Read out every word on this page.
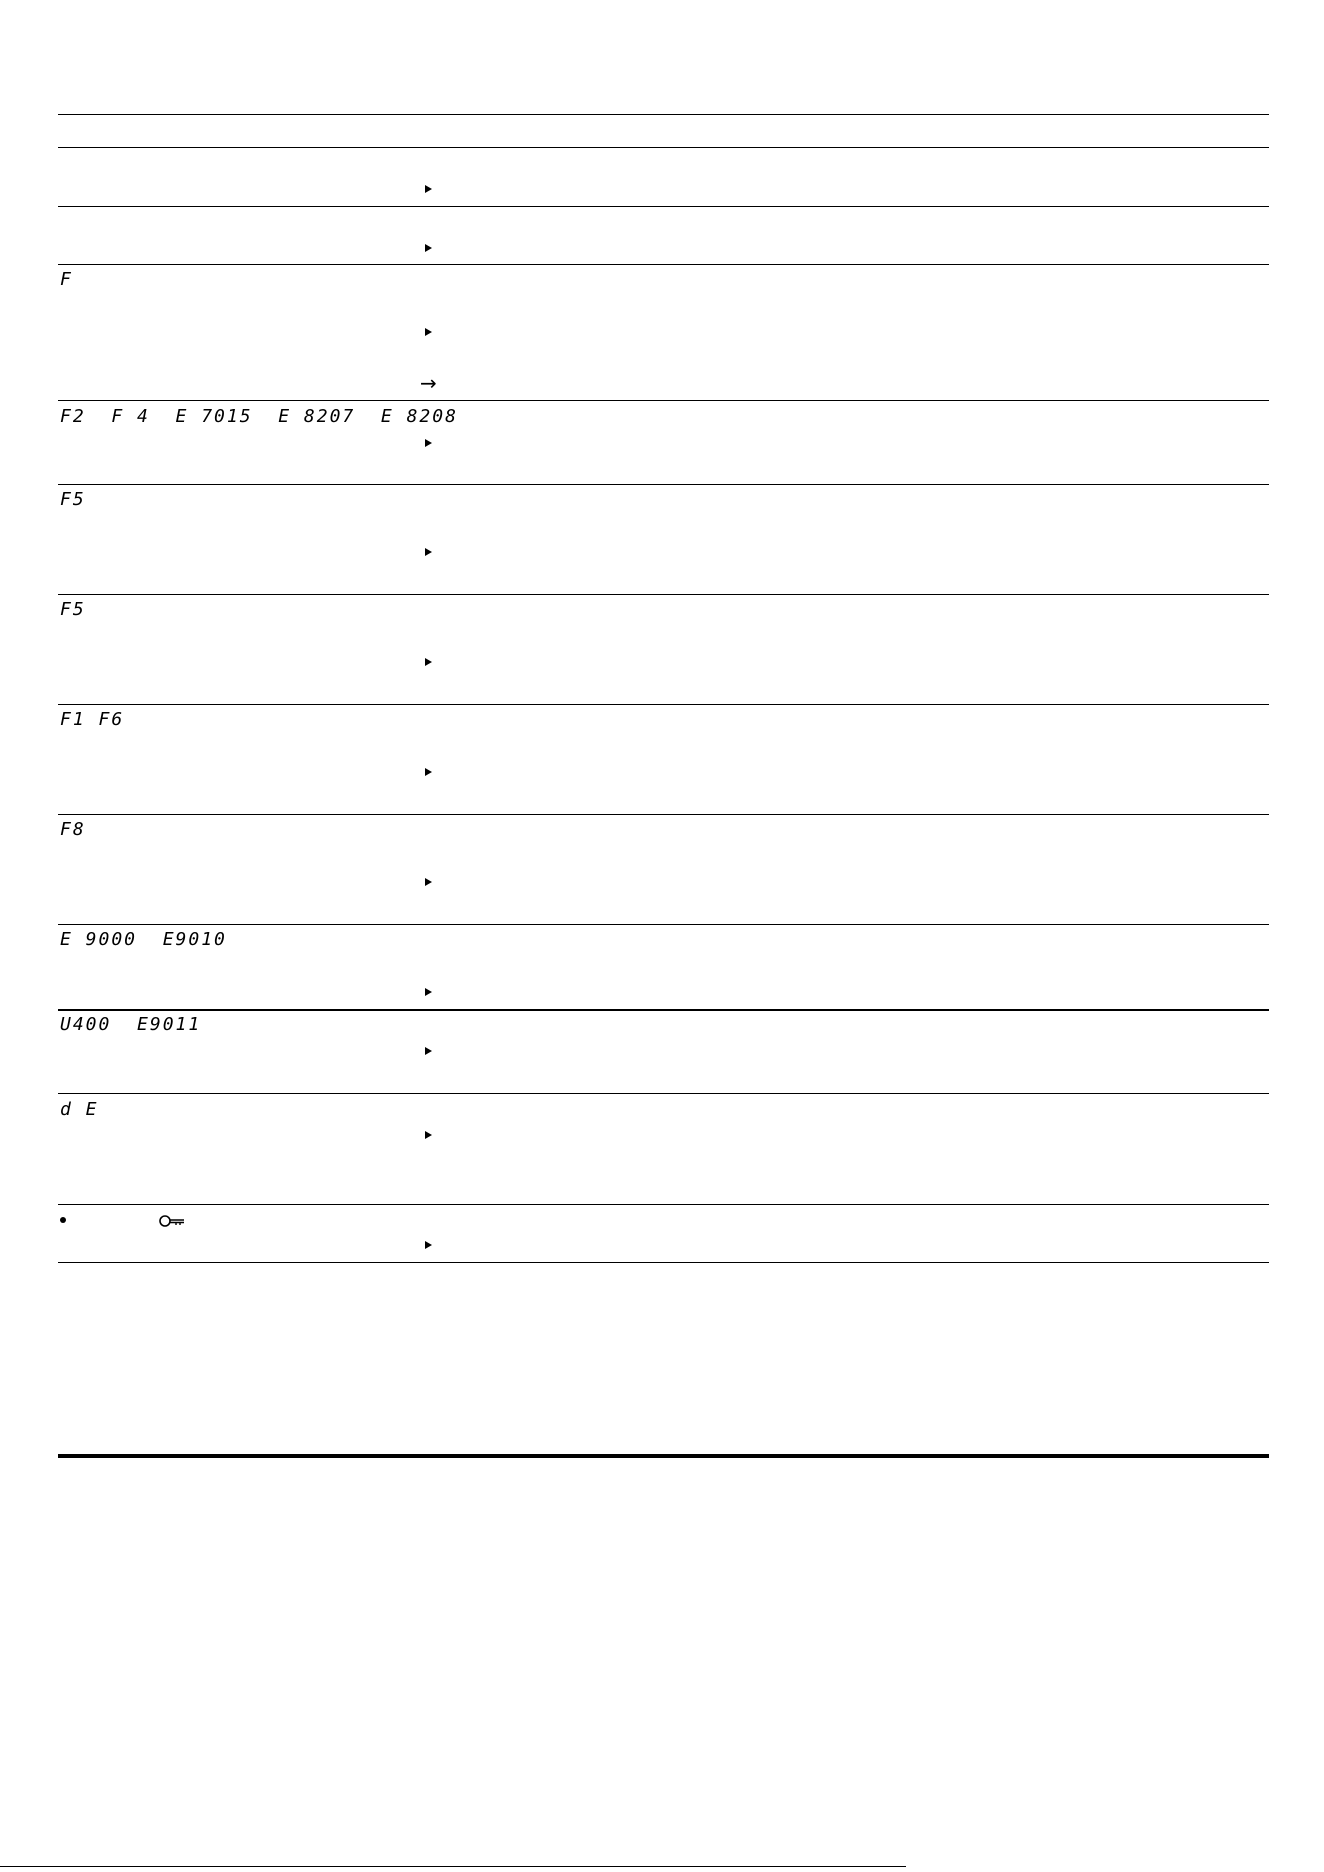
F
→
F2  F 4  E 7015  E 8207  E 8208
F5
F5
F1 F6
F8
E 9000  E9010
U400  E9011
d E
